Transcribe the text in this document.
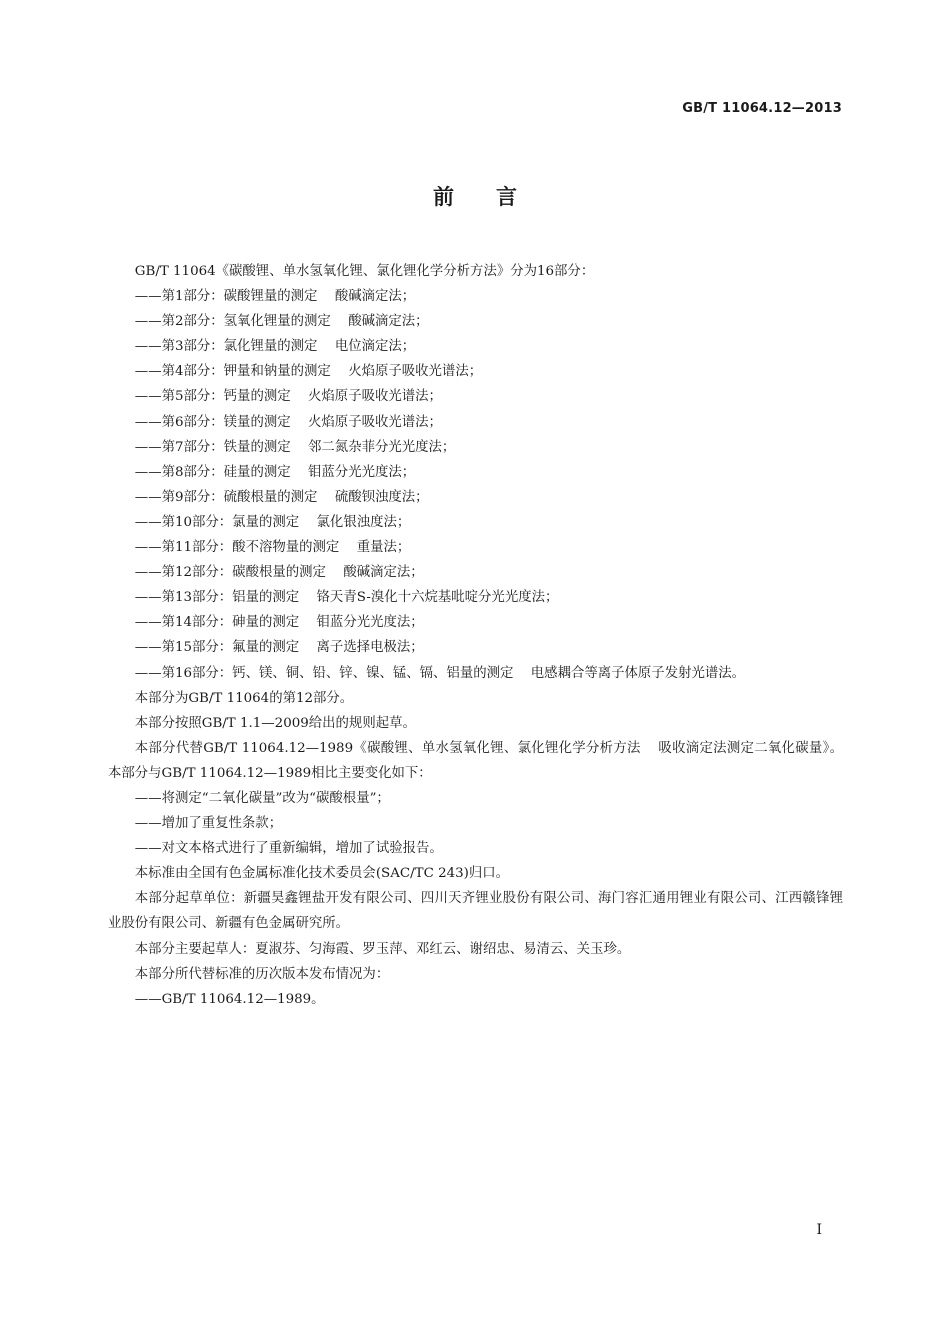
GB/T 11064.12—2013
前言

GB/T 11064《碳酸锂、单水氢氧化锂、氯化锂化学分析方法》分为16部分：

——第1部分：碳酸锂量的测定 酸碱滴定法；

——第2部分：氢氧化锂量的测定 酸碱滴定法；

——第3部分：氯化锂量的测定 电位滴定法；

——第4部分：钾量和钠量的测定 火焰原子吸收光谱法；

——第5部分：钙量的测定 火焰原子吸收光谱法；

——第6部分：镁量的测定 火焰原子吸收光谱法；

——第7部分：铁量的测定 邻二氮杂菲分光光度法；

——第8部分：硅量的测定 钼蓝分光光度法；

——第9部分：硫酸根量的测定 硫酸钡浊度法；

——第10部分：氯量的测定 氯化银浊度法；

——第11部分：酸不溶物量的测定 重量法；

——第12部分：碳酸根量的测定 酸碱滴定法；

——第13部分：铝量的测定 铬天青S-溴化十六烷基吡啶分光光度法；

——第14部分：砷量的测定 钼蓝分光光度法；

——第15部分：氟量的测定 离子选择电极法；

——第16部分：钙、镁、铜、铅、锌、镍、锰、镉、铝量的测定 电感耦合等离子体原子发射光谱法。

本部分为GB/T 11064的第12部分。

本部分按照GB/T 1.1—2009给出的规则起草。

本部分代替GB/T 11064.12—1989《碳酸锂、单水氢氧化锂、氯化锂化学分析方法 吸收滴定法测定二氧化碳量》。本部分与GB/T 11064.12—1989相比主要变化如下：

——将测定“二氧化碳量”改为“碳酸根量”；

——增加了重复性条款；

——对文本格式进行了重新编辑，增加了试验报告。

本标准由全国有色金属标准化技术委员会(SAC/TC 243)归口。

本部分起草单位：新疆昊鑫锂盐开发有限公司、四川天齐锂业股份有限公司、海门容汇通用锂业有限公司、江西赣锋锂业股份有限公司、新疆有色金属研究所。

本部分主要起草人：夏淑芬、匀海霞、罗玉萍、邓红云、谢绍忠、易清云、关玉珍。

本部分所代替标准的历次版本发布情况为：

——GB/T 11064.12—1989。

I
